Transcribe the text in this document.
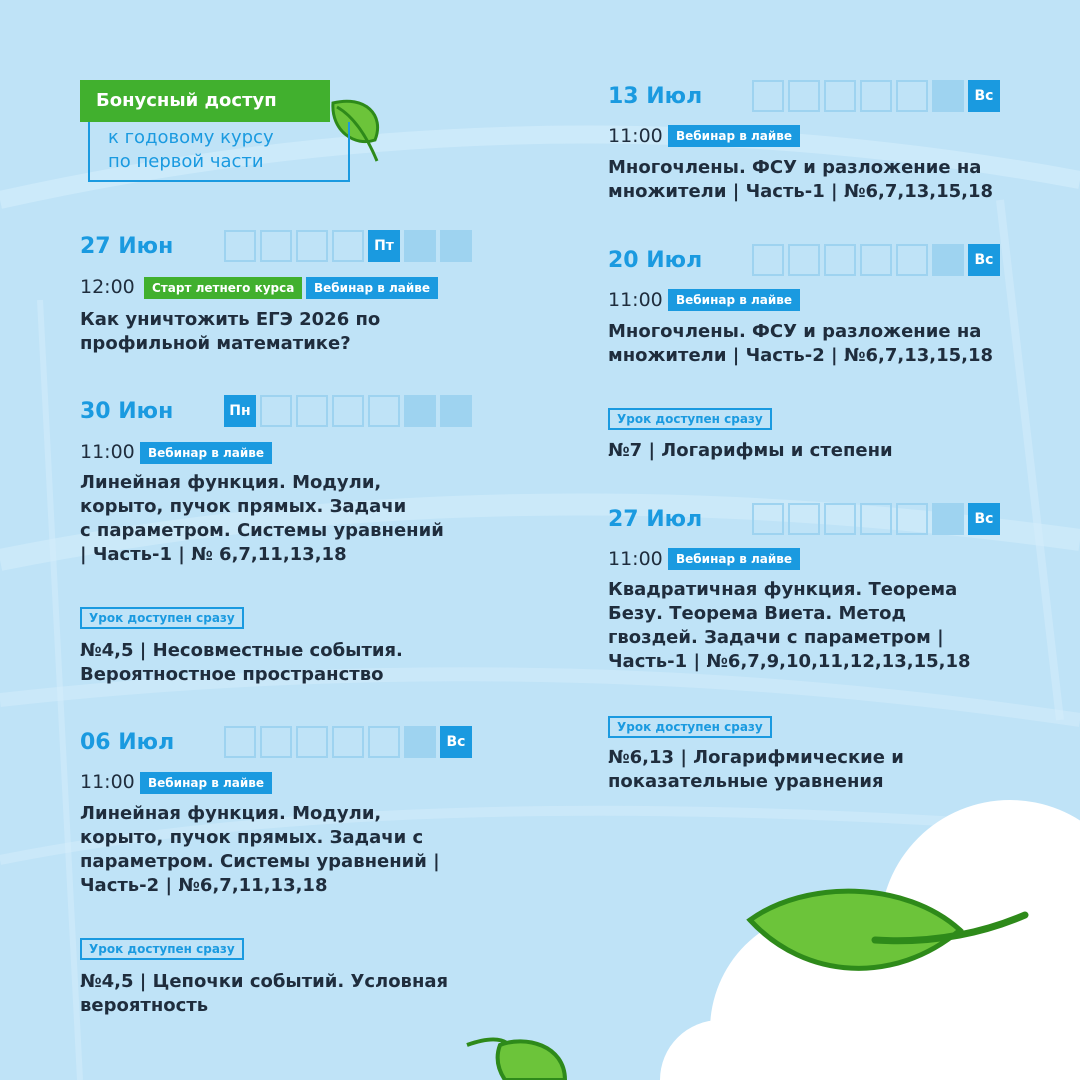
Бонусный доступ
к годовому курсу
по первой части
27 Июн	Пт
12:00	Старт летнего курса	Вебинар в лайве
Как уничтожить ЕГЭ 2026 по
профильной математике?
30 Июн	Пн
11:00	Вебинар в лайве
Линейная функция. Модули,
корыто, пучок прямых. Задачи
с параметром. Системы уравнений
| Часть-1 | № 6,7,11,13,18
Урок доступен сразу
№4,5 | Несовместные события.
Вероятностное пространство
06 Июл	Вс
11:00	Вебинар в лайве
Линейная функция. Модули,
корыто, пучок прямых. Задачи с
параметром. Системы уравнений |
Часть-2 | №6,7,11,13,18
Урок доступен сразу
№4,5 | Цепочки событий. Условная
вероятность
13 Июл	Вс
11:00	Вебинар в лайве
Многочлены. ФСУ и разложение на
множители | Часть-1 | №6,7,13,15,18
20 Июл	Вс
11:00	Вебинар в лайве
Многочлены. ФСУ и разложение на
множители | Часть-2 | №6,7,13,15,18
Урок доступен сразу
№7 | Логарифмы и степени
27 Июл	Вс
11:00	Вебинар в лайве
Квадратичная функция. Теорема
Безу. Теорема Виета. Метод
гвоздей. Задачи с параметром |
Часть-1 | №6,7,9,10,11,12,13,15,18
Урок доступен сразу
№6,13 | Логарифмические и
показательные уравнения
